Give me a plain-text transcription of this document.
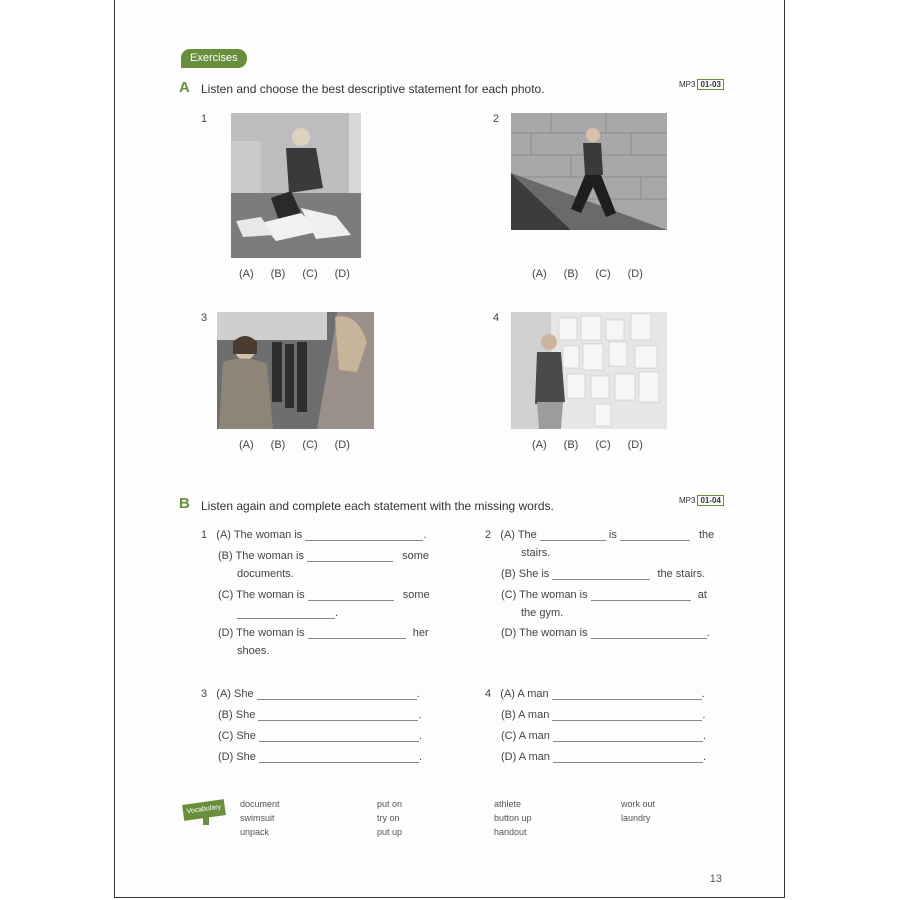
Exercises
A Listen and choose the best descriptive statement for each photo.	MP3 01-03
1
(A) (B) (C) (D)
2
(A) (B) (C) (D)
3
(A) (B) (C) (D)
4
(A) (B) (C) (D)
B Listen again and complete each statement with the missing words.	MP3 01-04
1 (A) The woman is	.
(B) The woman is	some
documents.
(C) The woman is	some
.
(D) The woman is	her
shoes.
2 (A) The	is	the
stairs.
(B) She is	the stairs.
(C) The woman is	at
the gym.
(D) The woman is	.
3 (A) She	.
(B) She	.
(C) She	.
(D) She	.
4 (A) A man	.
(B) A man	.
(C) A man	.
(D) A man	.
Vocabulary	document
swimsuit
unpack
put on
try on
put up
athlete
button up
handout
work out
laundry
13
